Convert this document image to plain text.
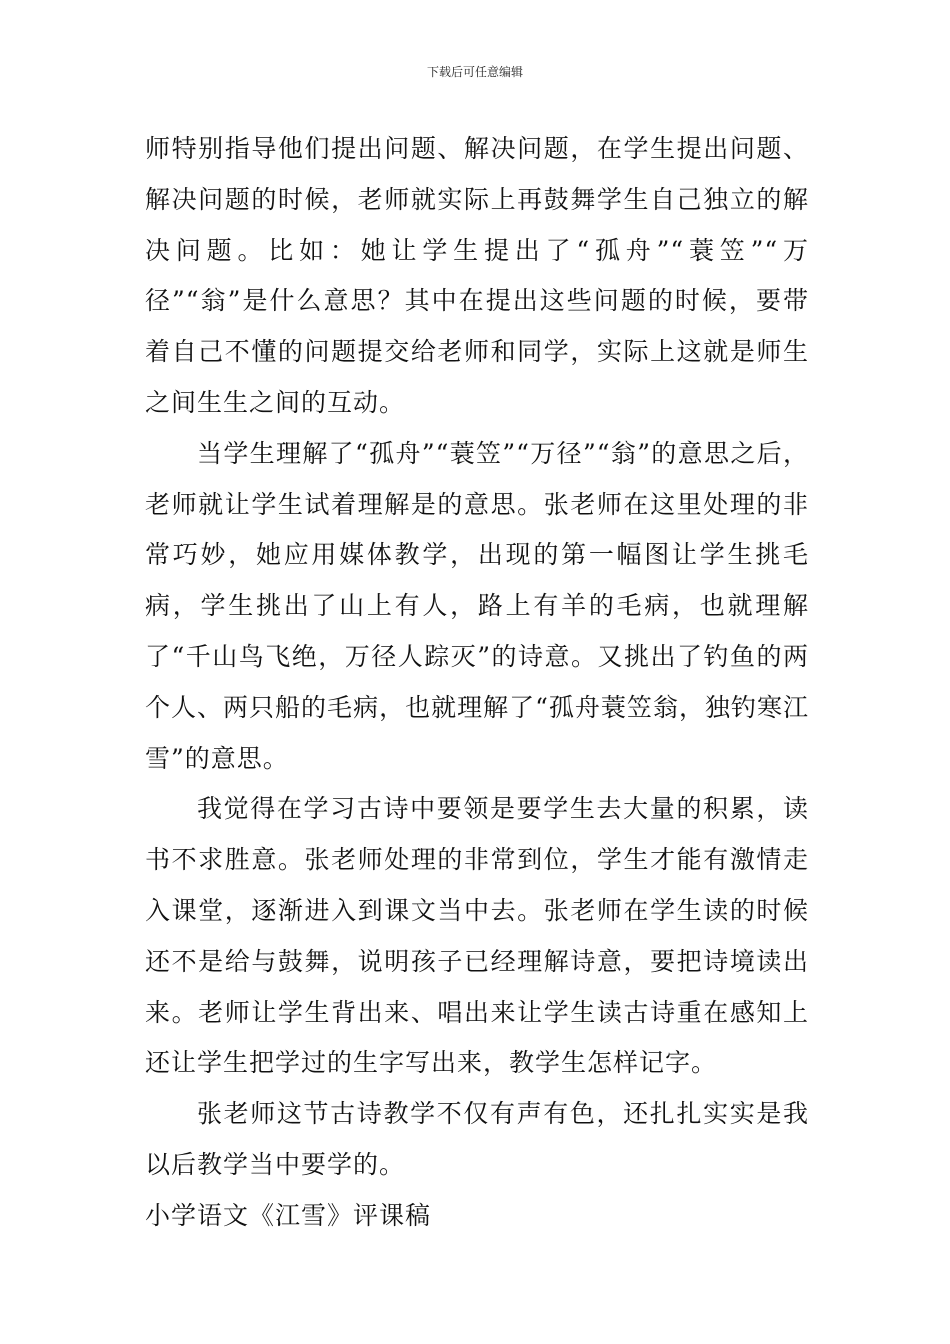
下载后可任意编辑

师特别指导他们提出问题、解决问题，在学生提出问题、解决问题的时候，老师就实际上再鼓舞学生自己独立的解决问题。比如：她让学生提出了“孤舟”“蓑笠”“万径”“翁”是什么意思？其中在提出这些问题的时候，要带着自己不懂的问题提交给老师和同学，实际上这就是师生之间生生之间的互动。

当学生理解了“孤舟”“蓑笠”“万径”“翁”的意思之后，老师就让学生试着理解是的意思。张老师在这里处理的非常巧妙，她应用媒体教学，出现的第一幅图让学生挑毛病，学生挑出了山上有人，路上有羊的毛病，也就理解了“千山鸟飞绝，万径人踪灭”的诗意。又挑出了钓鱼的两个人、两只船的毛病，也就理解了“孤舟蓑笠翁，独钓寒江雪”的意思。

我觉得在学习古诗中要领是要学生去大量的积累，读书不求胜意。张老师处理的非常到位，学生才能有激情走入课堂，逐渐进入到课文当中去。张老师在学生读的时候还不是给与鼓舞，说明孩子已经理解诗意，要把诗境读出来。老师让学生背出来、唱出来让学生读古诗重在感知上还让学生把学过的生字写出来，教学生怎样记字。

张老师这节古诗教学不仅有声有色，还扎扎实实是我以后教学当中要学的。

小学语文《江雪》评课稿
